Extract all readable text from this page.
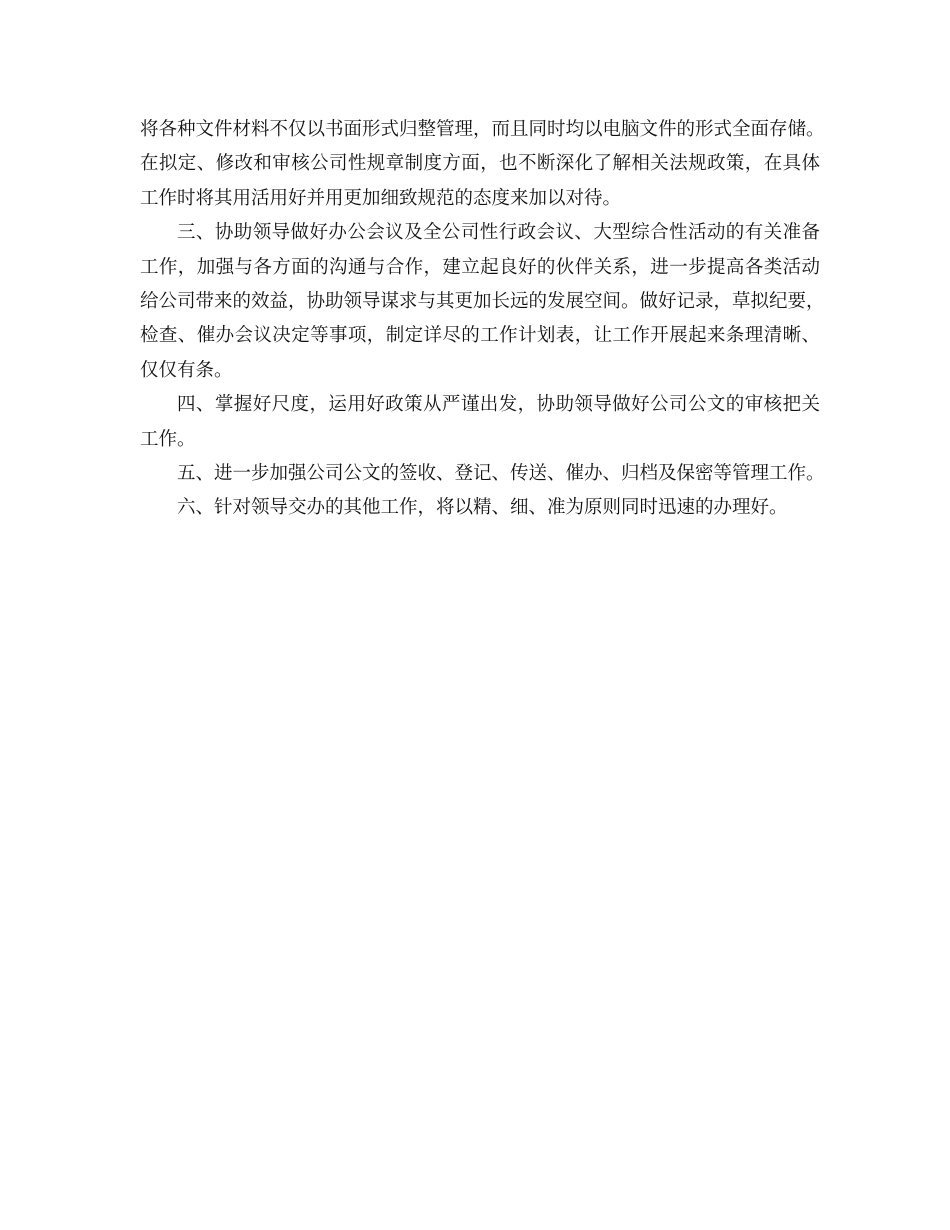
将各种文件材料不仅以书面形式归整管理，而且同时均以电脑文件的形式全面存储。
在拟定、修改和审核公司性规章制度方面，也不断深化了解相关法规政策，在具体
工作时将其用活用好并用更加细致规范的态度来加以对待。
三、协助领导做好办公会议及全公司性行政会议、大型综合性活动的有关准备
工作，加强与各方面的沟通与合作，建立起良好的伙伴关系，进一步提高各类活动
给公司带来的效益，协助领导谋求与其更加长远的发展空间。做好记录，草拟纪要，
检查、催办会议决定等事项，制定详尽的工作计划表，让工作开展起来条理清晰、
仅仅有条。
四、掌握好尺度，运用好政策从严谨出发，协助领导做好公司公文的审核把关
工作。
五、进一步加强公司公文的签收、登记、传送、催办、归档及保密等管理工作。
六、针对领导交办的其他工作，将以精、细、准为原则同时迅速的办理好。
